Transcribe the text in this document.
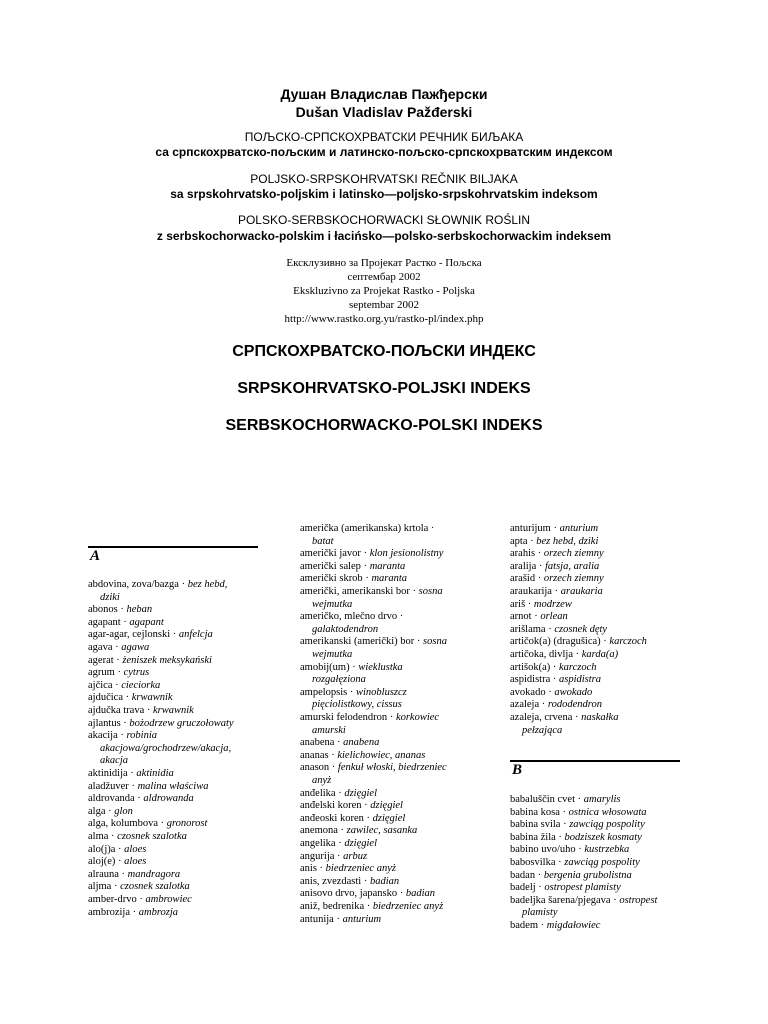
Душан Владислав Пажђерски
Dušan Vladislav Pažđerski
ПОЉСКО-СРПСКОХРВАТСКИ РЕЧНИК БИЉАКА
са српскохрватско-пољским и латинско-пољско-српскохрватским индексом
POLJSKO-SRPSKOHRVATSKI REČNIK BILJAKA
sa srpskohrvatsko-poljskim i latinsko—poljsko-srpskohrvatskim indeksom
POLSKO-SERBSKOCHORWACKI SŁOWNIK ROŚLIN
z serbskochorwacko-polskim i łacińsko—polsko-serbskochorwackim indeksem
Ексклузивно за Пројекат Растко - Пољска
септембар 2002
Ekskluzivno za Projekat Rastko - Poljska
septembar 2002
http://www.rastko.org.yu/rastko-pl/index.php
СРПСКОХРВАТСКО-ПОЉСКИ ИНДЕКС
SRPSKOHRVATSKO-POLJSKI INDEKS
SERBSKOCHORWACKO-POLSKI INDEKS
A
B
abdovina, zova/bazga · bez hebd,
dziki
abonos · heban
agapant · agapant
agar-agar, cejlonski · anfelcja
agava · agawa
agerat · żeniszek meksykański
agrum · cytrus
ajčica · cieciorka
ajdučica · krwawnik
ajdučka trava · krwawnik
ajlantus · bożodrzew gruczołowaty
akacija · robinia
akacjowa/grochodrzew/akacja,
akacja
aktinidija · aktinidia
aladžuver · malina właściwa
aldrovanda · aldrowanda
alga · glon
alga, kolumbova · gronorost
alma · czosnek szalotka
alo(j)a · aloes
aloj(e) · aloes
alrauna · mandragora
aljma · czosnek szalotka
amber-drvo · ambrowiec
ambrozija · ambrozja
američka (amerikanska) krtola ·
batat
američki javor · klon jesionolistny
američki salep · maranta
američki skrob · maranta
američki, amerikanski bor · sosna
wejmutka
američko, mlečno drvo ·
galaktodendron
amerikanski (američki) bor · sosna
wejmutka
amobij(um) · wieklustka
rozgałęziona
ampelopsis · winobluszcz
pięciolistkowy, cissus
amurski felodendron · korkowiec
amurski
anabena · anabena
ananas · kielichowiec, ananas
anason · fenkuł włoski, biedrzeniec
anyż
anđelika · dzięgiel
anđelski koren · dzięgiel
anđeoski koren · dzięgiel
anemona · zawilec, sasanka
angelika · dzięgiel
angurija · arbuz
anis · biedrzeniec anyż
anis, zvezdasti · badian
anisovo drvo, japansko · badian
aniž, bedrenika · biedrzeniec anyż
antunija · anturium
anturijum · anturium
apta · bez hebd, dziki
arahis · orzech ziemny
aralija · fatsja, aralia
arašid · orzech ziemny
araukarija · araukaria
ariš · modrzew
arnot · orlean
arišlama · czosnek dęty
artičok(a) (dragušica) · karczoch
artičoka, divlja · karda(a)
artišok(a) · karczoch
aspidistra · aspidistra
avokado · awokado
azaleja · rododendron
azaleja, crvena · naskałka
pełzająca
babaluščin cvet · amarylis
babina kosa · ostnica włosowata
babina svila · zawciąg pospolity
babina žila · bodziszek kosmaty
babino uvo/uho · kustrzebka
babosvilka · zawciąg pospolity
badan · bergenia grubolistna
badelj · ostropest plamisty
badeljka šarena/pjegava · ostropest
plamisty
badem · migdałowiec
